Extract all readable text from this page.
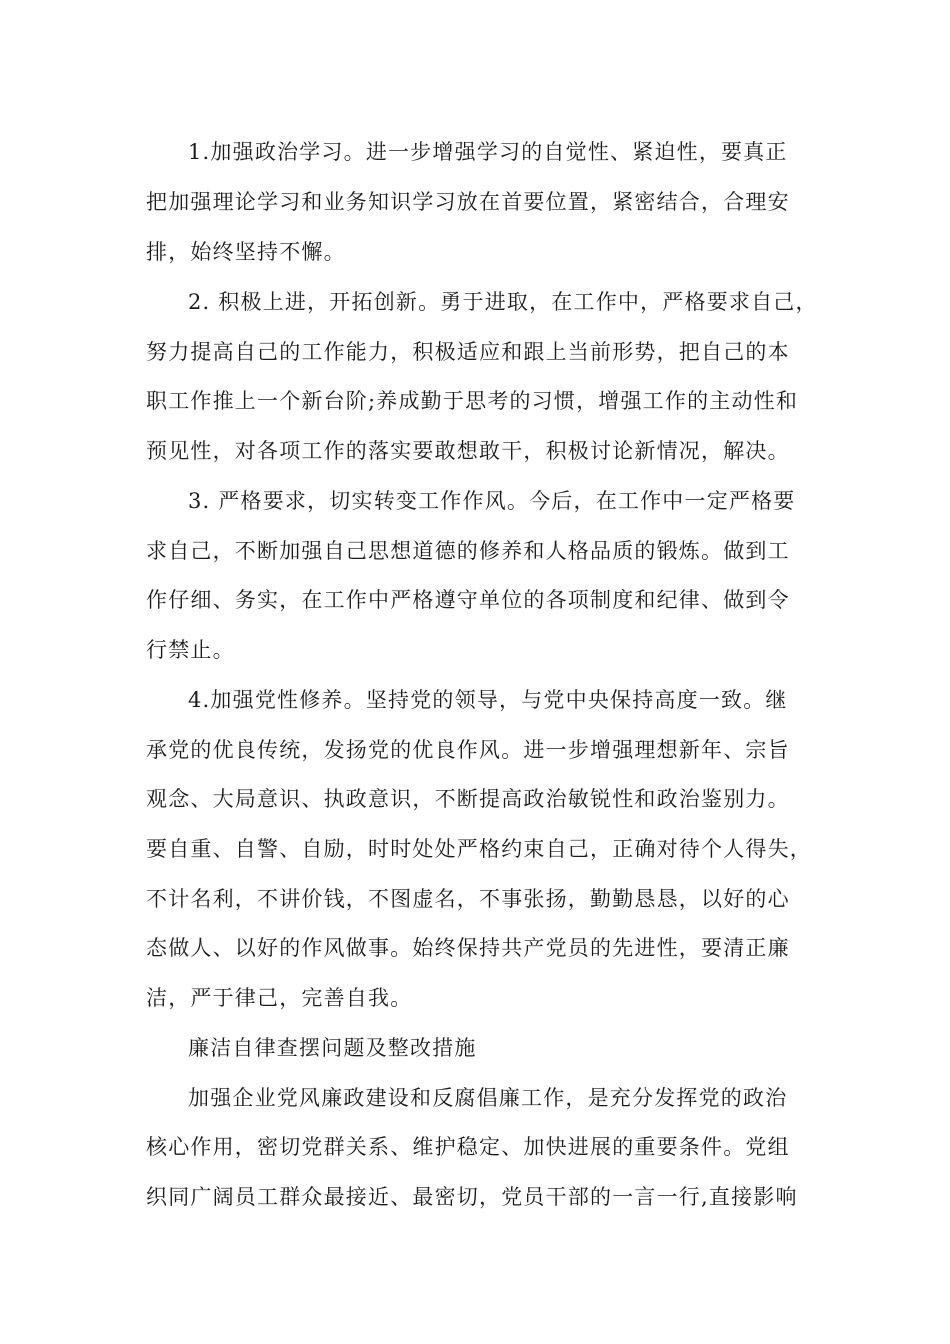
1.加强政治学习。进一步增强学习的自觉性、紧迫性，要真正
把加强理论学习和业务知识学习放在首要位置，紧密结合，合理安
排，始终坚持不懈。
2. 积极上进，开拓创新。勇于进取，在工作中，严格要求自己，
努力提高自己的工作能力，积极适应和跟上当前形势，把自己的本
职工作推上一个新台阶;养成勤于思考的习惯，增强工作的主动性和
预见性，对各项工作的落实要敢想敢干，积极讨论新情况，解决。
3. 严格要求，切实转变工作作风。今后，在工作中一定严格要
求自己，不断加强自己思想道德的修养和人格品质的锻炼。做到工
作仔细、务实，在工作中严格遵守单位的各项制度和纪律、做到令
行禁止。
4.加强党性修养。坚持党的领导，与党中央保持高度一致。继
承党的优良传统，发扬党的优良作风。进一步增强理想新年、宗旨
观念、大局意识、执政意识，不断提高政治敏锐性和政治鉴别力。
要自重、自警、自励，时时处处严格约束自己，正确对待个人得失，
不计名利，不讲价钱，不图虚名，不事张扬，勤勤恳恳，以好的心
态做人、以好的作风做事。始终保持共产党员的先进性，要清正廉
洁，严于律己，完善自我。
廉洁自律查摆问题及整改措施
加强企业党风廉政建设和反腐倡廉工作，是充分发挥党的政治
核心作用，密切党群关系、维护稳定、加快进展的重要条件。党组
织同广阔员工群众最接近、最密切，党员干部的一言一行,直接影响
